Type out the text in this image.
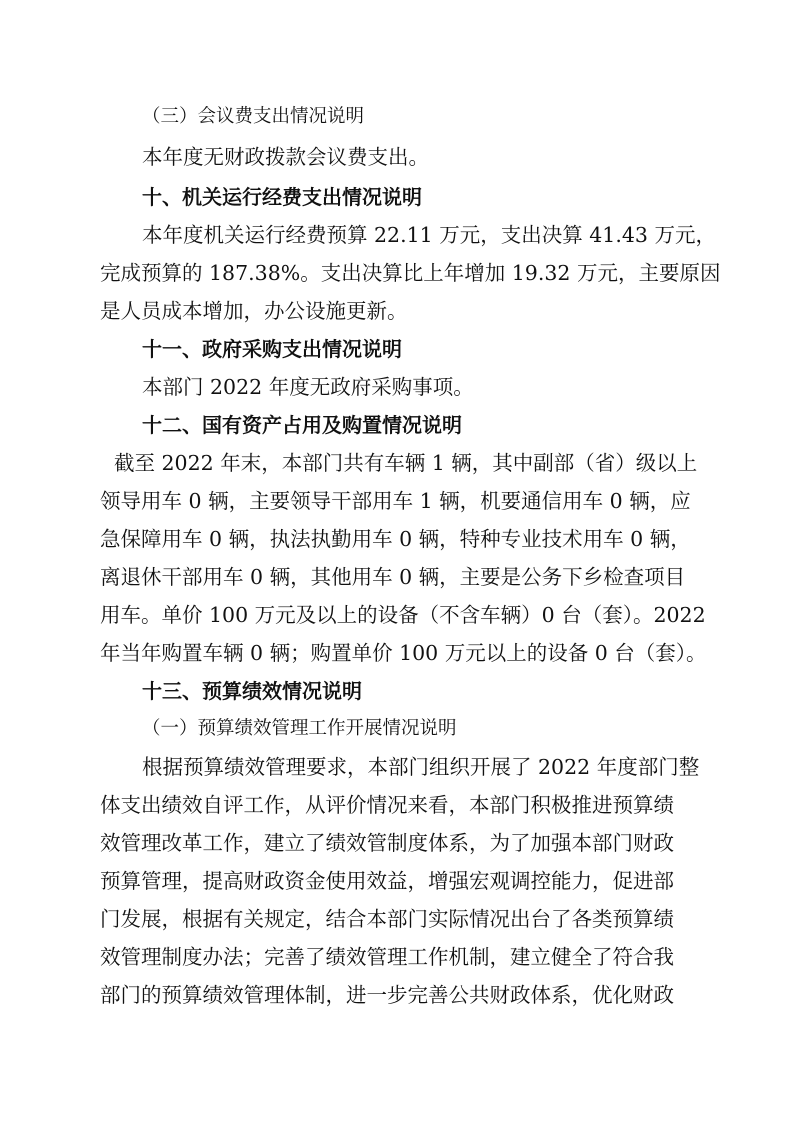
（三）会议费支出情况说明
本年度无财政拨款会议费支出。
十、机关运行经费支出情况说明
本年度机关运行经费预算 22.11 万元，支出决算 41.43 万元，
完成预算的 187.38%。支出决算比上年增加 19.32 万元，主要原因
是人员成本增加，办公设施更新。
十一、政府采购支出情况说明
本部门 2022 年度无政府采购事项。
十二、国有资产占用及购置情况说明
截至 2022 年末，本部门共有车辆 1 辆，其中副部（省）级以上
领导用车 0 辆，主要领导干部用车 1 辆，机要通信用车 0 辆，应
急保障用车 0 辆，执法执勤用车 0 辆，特种专业技术用车 0 辆，
离退休干部用车 0 辆，其他用车 0 辆，主要是公务下乡检查项目
用车。单价 100 万元及以上的设备（不含车辆）0 台（套）。2022
年当年购置车辆 0 辆；购置单价 100 万元以上的设备 0 台（套）。
十三、预算绩效情况说明
（一）预算绩效管理工作开展情况说明
根据预算绩效管理要求，本部门组织开展了 2022 年度部门整
体支出绩效自评工作，从评价情况来看，本部门积极推进预算绩
效管理改革工作，建立了绩效管制度体系，为了加强本部门财政
预算管理，提高财政资金使用效益，增强宏观调控能力，促进部
门发展，根据有关规定，结合本部门实际情况出台了各类预算绩
效管理制度办法；完善了绩效管理工作机制，建立健全了符合我
部门的预算绩效管理体制，进一步完善公共财政体系，优化财政
